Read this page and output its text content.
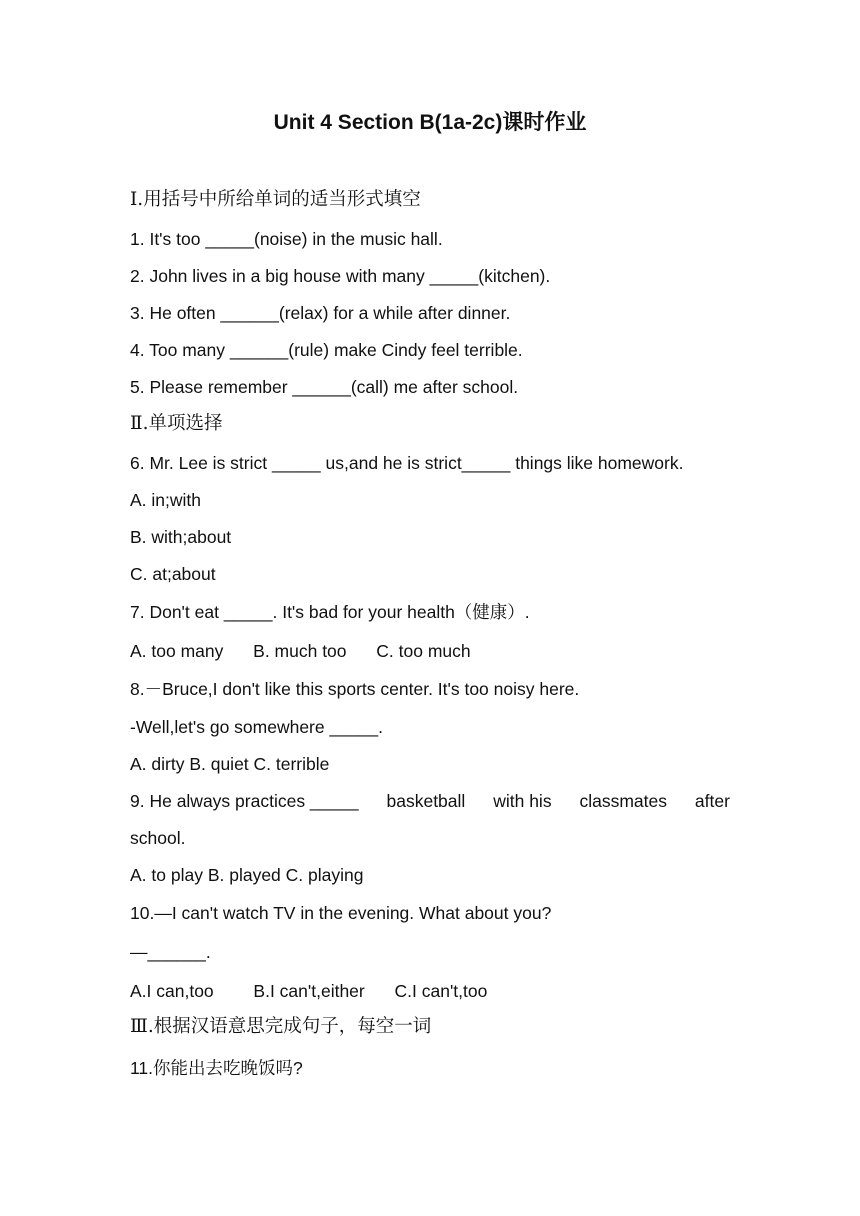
Unit 4 Section B(1a-2c)课时作业
Ⅰ.用括号中所给单词的适当形式填空
1. It's too _____(noise) in the music hall.
2. John lives in a big house with many _____(kitchen).
3. He often ______(relax) for a while after dinner.
4. Too many ______(rule) make Cindy feel terrible.
5. Please remember ______(call) me after school.
Ⅱ.单项选择
6. Mr. Lee is strict _____ us,and he is strict_____ things like homework.
A. in;with
B. with;about
C. at;about
7. Don't eat _____. It's bad for your health（健康）.
A. too many B. much too C. too much
8.－Bruce,I don't like this sports center. It's too noisy here.
-Well,let's go somewhere _____.
A. dirty B. quiet C. terrible
9. He always practices _____ basketball with his classmates after
school.
A. to play B. played C. playing
10.—I can't watch TV in the evening. What about you?
—______.
A.I can,too B.I can't,either C.I can't,too
Ⅲ.根据汉语意思完成句子，每空一词
11.你能出去吃晚饭吗?
